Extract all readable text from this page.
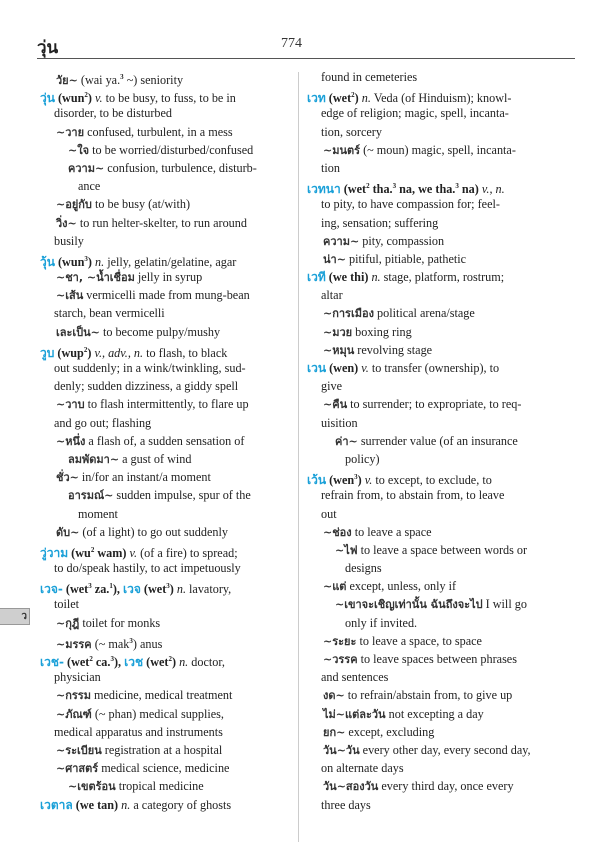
วุ่น	774
วัย~ (wai ya.$^3$ ~) seniority
วุ่น (wun$^2$) v. to be busy, to fuss, to be in
disorder, to be disturbed
~วาย confused, turbulent, in a mess
~ใจ to be worried/disturbed/confused
ความ~ confusion, turbulence, disturb-
ance
~อยู่กับ to be busy (at/with)
วิ่ง~ to run helter-skelter, to run around
busily
วุ้น (wun$^3$) n. jelly, gelatin/gelatine, agar
~ชา, ~น้ำเชื่อม jelly in syrup
~เส้น vermicelli made from mung-bean
starch, bean vermicelli
เละเป็น~ to become pulpy/mushy
วูบ (wup$^2$) v., adv., n. to flash, to black
out suddenly; in a wink/twinkling, sud-
denly; sudden dizziness, a giddy spell
~วาบ to flash intermittently, to flare up
and go out; flashing
~หนึ่ง a flash of, a sudden sensation of
ลมพัดมา~ a gust of wind
ชั่ว~ in/for an instant/a moment
อารมณ์~ sudden impulse, spur of the
moment
ดับ~ (of a light) to go out suddenly
วู่วาม ($wu^2$ wam) v. (of a fire) to spread;
to do/speak hastily, to act impetuously
เวจ- (wet$^3$ za.$^1$), เวจ (wet$^3$) n. lavatory,
toilet
~กุฎี toilet for monks
~มรรค (~ mak$^3$) anus
เวช- (wet$^2$ ca.$^3$), เวช (wet$^2$) n. doctor,
physician
~กรรม medicine, medical treatment
~ภัณฑ์ (~ phan) medical supplies,
medical apparatus and instruments
~ระเบียน registration at a hospital
~ศาสตร์ medical science, medicine
~เขตร้อน tropical medicine
เวตาล (we tan) n. a category of ghosts
found in cemeteries
เวท (wet$^2$) n. Veda (of Hinduism); knowl-
edge of religion; magic, spell, incanta-
tion, sorcery
~มนตร์ (~ moun) magic, spell, incanta-
tion
เวทนา (wet$^2$ tha.$^3$ na, we tha.$^3$ na) v., n.
to pity, to have compassion for; feel-
ing, sensation; suffering
ความ~ pity, compassion
น่า~ pitiful, pitiable, pathetic
เวที (we thi) n. stage, platform, rostrum;
altar
~การเมือง political arena/stage
~มวย boxing ring
~หมุน revolving stage
เวน (wen) v. to transfer (ownership), to
give
~คืน to surrender; to expropriate, to req-
uisition
ค่า~ surrender value (of an insurance
policy)
เว้น (wen$^3$) v. to except, to exclude, to
refrain from, to abstain from, to leave
out
~ช่อง to leave a space
~ไฟ to leave a space between words or
designs
~แต่ except, unless, only if
~เขาจะเชิญเท่านั้น ฉันถึงจะไป I will go
only if invited.
~ระยะ to leave a space, to space
~วรรค to leave spaces between phrases
and sentences
งด~ to refrain/abstain from, to give up
ไม่~แต่ละวัน not excepting a day
ยก~ except, excluding
วัน~วัน every other day, every second day,
on alternate days
วัน~สองวัน every third day, once every
three days
ว
